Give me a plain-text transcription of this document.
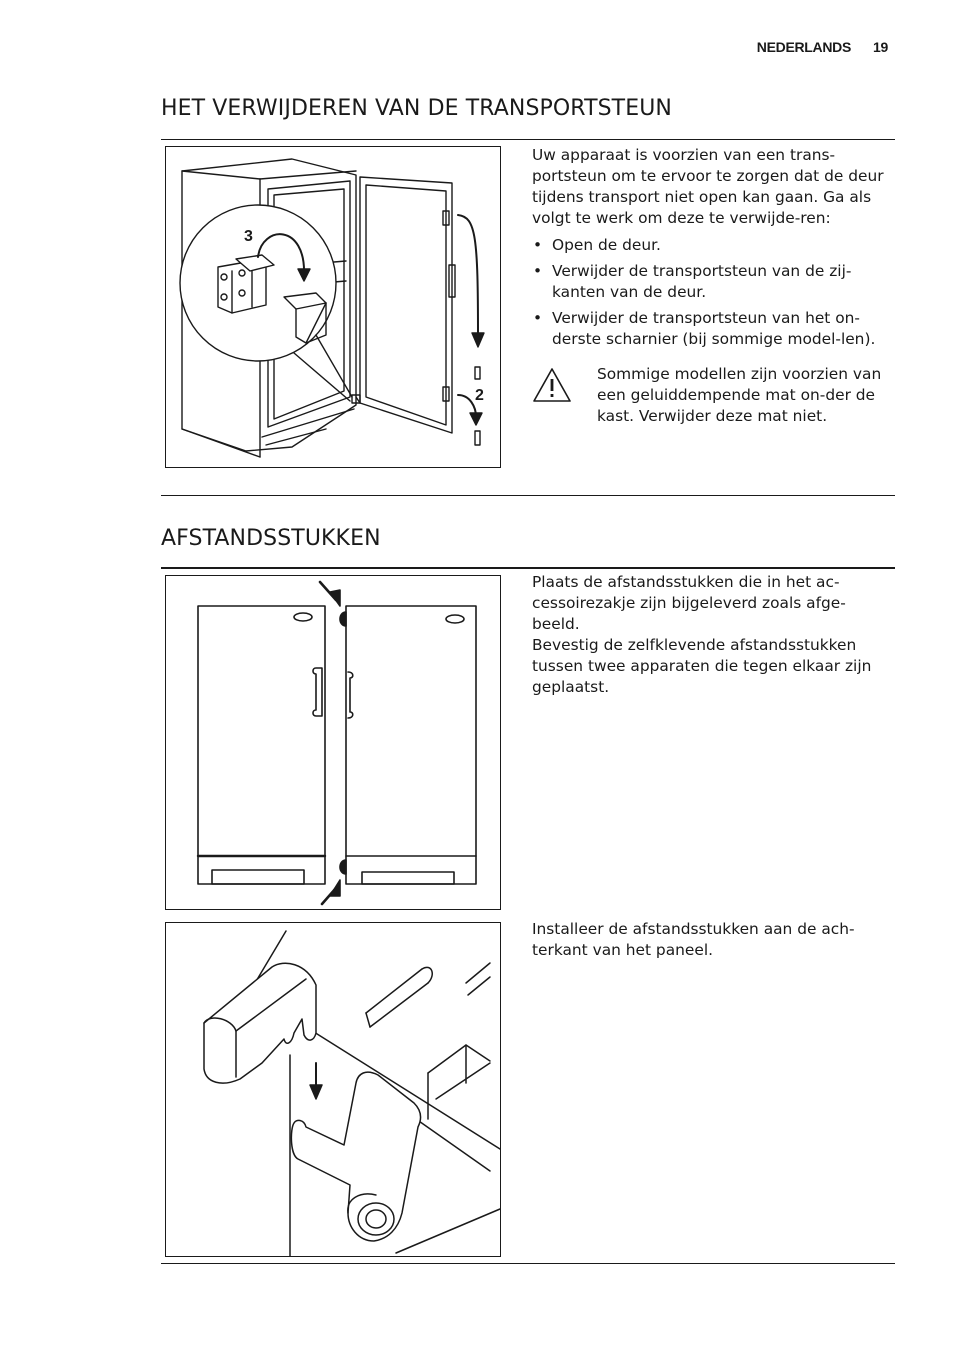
NEDERLANDS 19
HET VERWIJDEREN VAN DE TRANSPORTSTEUN
3
2

Uw apparaat is voorzien van een trans-portsteun om te ervoor te zorgen dat de deur tijdens transport niet open kan gaan. Ga als volgt te werk om deze te verwijde-ren:

• Open de deur.
• Verwijder de transportsteun van de zij-kanten van de deur.
• Verwijder de transportsteun van het on-derste scharnier (bij sommige model-len).

Sommige modellen zijn voorzien van een geluiddempende mat on-der de kast. Verwijder deze mat niet.

AFSTANDSSTUKKEN

Plaats de afstandsstukken die in het ac-cessoirezakje zijn bijgeleverd zoals afge-beeld.

Bevestig de zelfklevende afstandsstukken tussen twee apparaten die tegen elkaar zijn geplaatst.

Installeer de afstandsstukken aan de ach-terkant van het paneel.
